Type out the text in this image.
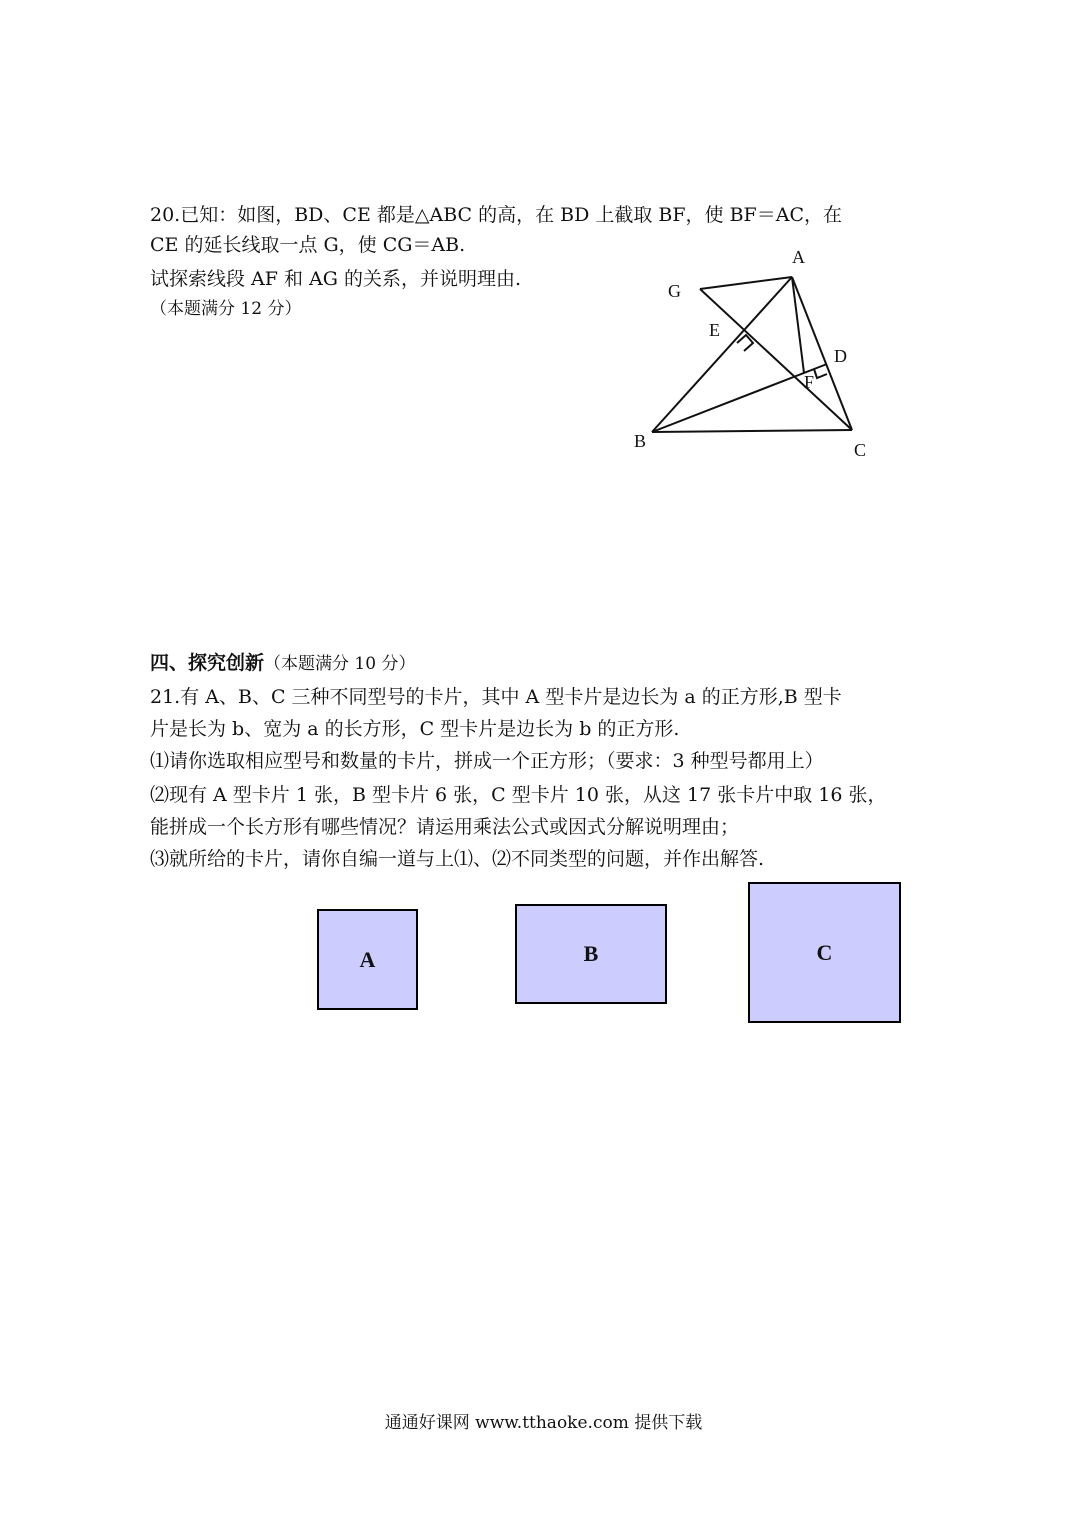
20.已知：如图，BD、CE 都是△ABC 的高，在 BD 上截取 BF，使 BF＝AC，在
CE 的延长线取一点 G，使 CG＝AB.
试探索线段 AF 和 AG 的关系，并说明理由.
（本题满分 12 分）
A
G
E
D
F
B	C
四、探究创新（本题满分 10 分）
21.有 A、B、C 三种不同型号的卡片，其中 A 型卡片是边长为 a 的正方形,B 型卡
片是长为 b、宽为 a 的长方形，C 型卡片是边长为 b 的正方形.
⑴请你选取相应型号和数量的卡片，拼成一个正方形；（要求：3 种型号都用上）
⑵现有 A 型卡片 1 张，B 型卡片 6 张，C 型卡片 10 张，从这 17 张卡片中取 16 张，
能拼成一个长方形有哪些情况？请运用乘法公式或因式分解说明理由；
⑶就所给的卡片，请你自编一道与上⑴、⑵不同类型的问题，并作出解答.
A	B	C
通通好课网 www.tthaoke.com 提供下载
